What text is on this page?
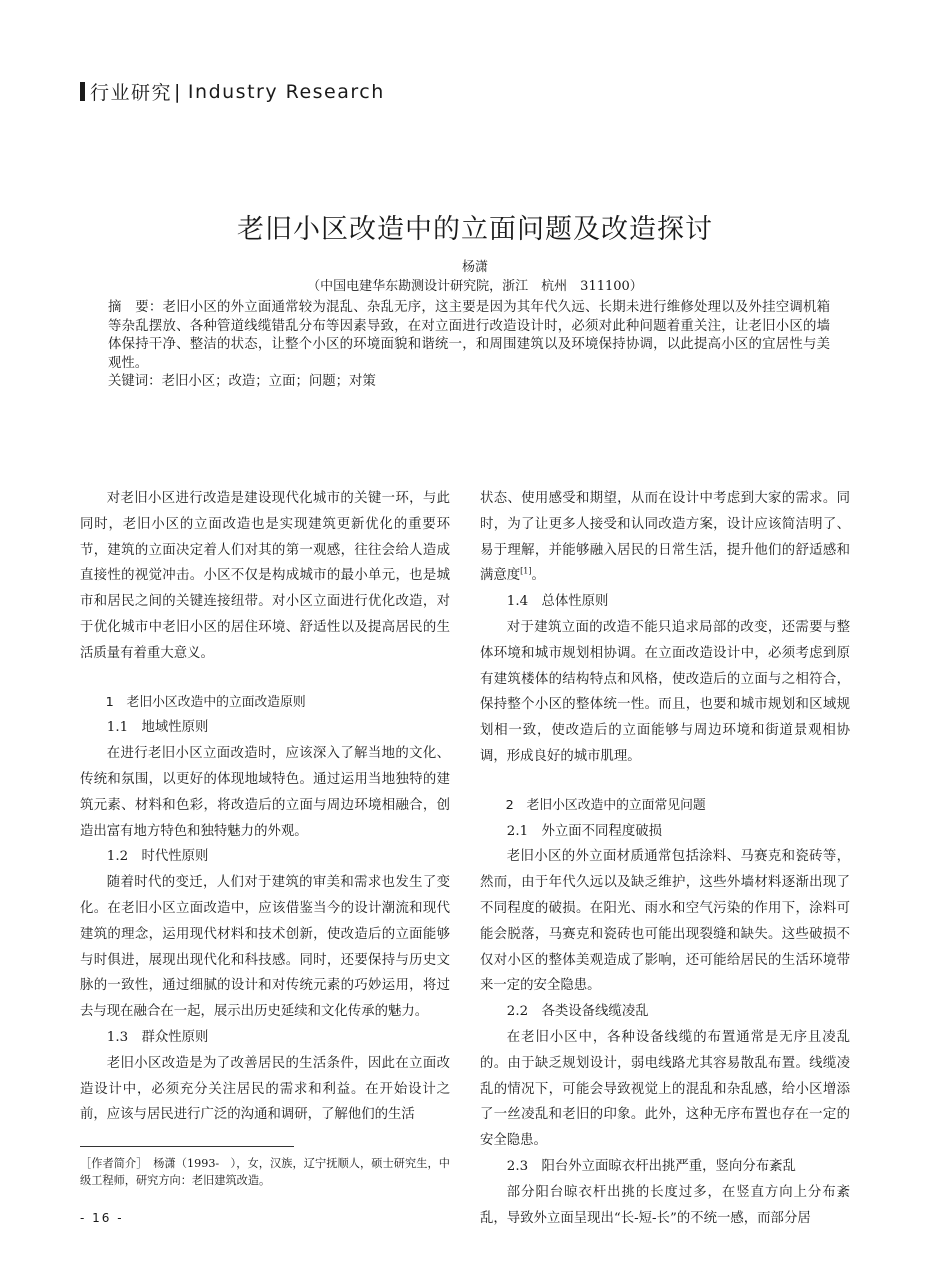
行业研究 | Industry Research
老旧小区改造中的立面问题及改造探讨
杨潇
（中国电建华东勘测设计研究院，浙江　杭州　311100）

摘　要：老旧小区的外立面通常较为混乱、杂乱无序，这主要是因为其年代久远、长期未进行维修处理以及外挂空调机箱等杂乱摆放、各种管道线缆错乱分布等因素导致，在对立面进行改造设计时，必须对此种问题着重关注，让老旧小区的墙体保持干净、整洁的状态，让整个小区的环境面貌和谐统一，和周围建筑以及环境保持协调，以此提高小区的宜居性与美观性。

关键词：老旧小区；改造；立面；问题；对策

对老旧小区进行改造是建设现代化城市的关键一环，与此同时，老旧小区的立面改造也是实现建筑更新优化的重要环节，建筑的立面决定着人们对其的第一观感，往往会给人造成直接性的视觉冲击。小区不仅是构成城市的最小单元，也是城市和居民之间的关键连接纽带。对小区立面进行优化改造，对于优化城市中老旧小区的居住环境、舒适性以及提高居民的生活质量有着重大意义。

1　老旧小区改造中的立面改造原则

1.1　地域性原则

在进行老旧小区立面改造时，应该深入了解当地的文化、传统和氛围，以更好的体现地域特色。通过运用当地独特的建筑元素、材料和色彩，将改造后的立面与周边环境相融合，创造出富有地方特色和独特魅力的外观。

1.2　时代性原则

随着时代的变迁，人们对于建筑的审美和需求也发生了变化。在老旧小区立面改造中，应该借鉴当今的设计潮流和现代建筑的理念，运用现代材料和技术创新，使改造后的立面能够与时俱进，展现出现代化和科技感。同时，还要保持与历史文脉的一致性，通过细腻的设计和对传统元素的巧妙运用，将过去与现在融合在一起，展示出历史延续和文化传承的魅力。

1.3　群众性原则

老旧小区改造是为了改善居民的生活条件，因此在立面改造设计中，必须充分关注居民的需求和利益。在开始设计之前，应该与居民进行广泛的沟通和调研，了解他们的生活

状态、使用感受和期望，从而在设计中考虑到大家的需求。同时，为了让更多人接受和认同改造方案，设计应该简洁明了、易于理解，并能够融入居民的日常生活，提升他们的舒适感和满意度[1]。

1.4　总体性原则

对于建筑立面的改造不能只追求局部的改变，还需要与整体环境和城市规划相协调。在立面改造设计中，必须考虑到原有建筑楼体的结构特点和风格，使改造后的立面与之相符合，保持整个小区的整体统一性。而且，也要和城市规划和区域规划相一致，使改造后的立面能够与周边环境和街道景观相协调，形成良好的城市肌理。

2　老旧小区改造中的立面常见问题

2.1　外立面不同程度破损

老旧小区的外立面材质通常包括涂料、马赛克和瓷砖等，然而，由于年代久远以及缺乏维护，这些外墙材料逐渐出现了不同程度的破损。在阳光、雨水和空气污染的作用下，涂料可能会脱落，马赛克和瓷砖也可能出现裂缝和缺失。这些破损不仅对小区的整体美观造成了影响，还可能给居民的生活环境带来一定的安全隐患。

2.2　各类设备线缆凌乱

在老旧小区中，各种设备线缆的布置通常是无序且凌乱的。由于缺乏规划设计，弱电线路尤其容易散乱布置。线缆凌乱的情况下，可能会导致视觉上的混乱和杂乱感，给小区增添了一丝凌乱和老旧的印象。此外，这种无序布置也存在一定的安全隐患。

2.3　阳台外立面晾衣杆出挑严重，竖向分布紊乱

部分阳台晾衣杆出挑的长度过多，在竖直方向上分布紊乱，导致外立面呈现出“长-短-长”的不统一感，而部分居

［作者简介］　杨潇（1993-　），女，汉族，辽宁抚顺人，硕士研究生，中级工程师，研究方向：老旧建筑改造。

- 16 -
